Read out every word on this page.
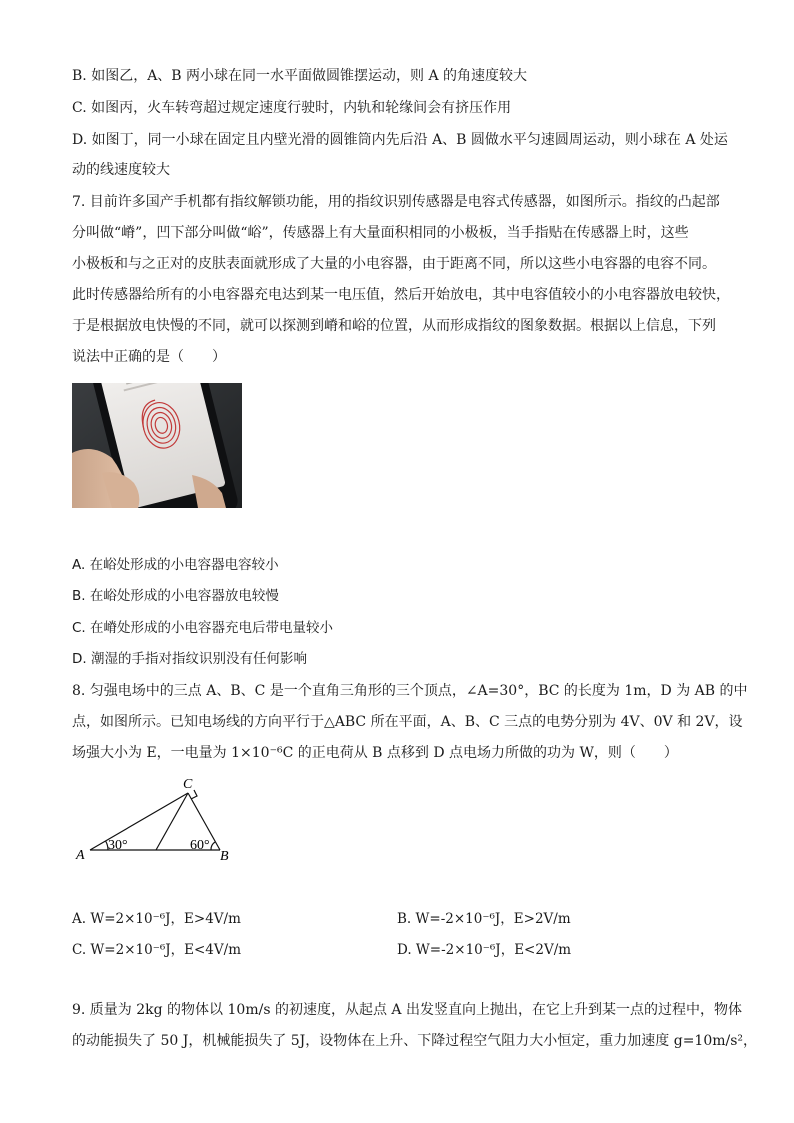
B. 如图乙，A、B 两小球在同一水平面做圆锥摆运动，则 A 的角速度较大
C. 如图丙，火车转弯超过规定速度行驶时，内轨和轮缘间会有挤压作用
D. 如图丁，同一小球在固定且内壁光滑的圆锥筒内先后沿 A、B 圆做水平匀速圆周运动，则小球在 A 处运
动的线速度较大
7. 目前许多国产手机都有指纹解锁功能，用的指纹识别传感器是电容式传感器，如图所示。指纹的凸起部
分叫做“嵴”，凹下部分叫做“峪”，传感器上有大量面积相同的小极板，当手指贴在传感器上时，这些
小极板和与之正对的皮肤表面就形成了大量的小电容器，由于距离不同，所以这些小电容器的电容不同。
此时传感器给所有的小电容器充电达到某一电压值，然后开始放电，其中电容值较小的小电容器放电较快，
于是根据放电快慢的不同，就可以探测到嵴和峪的位置，从而形成指纹的图象数据。根据以上信息，下列
说法中正确的是（　　）
A. 在峪处形成的小电容器电容较小
B. 在峪处形成的小电容器放电较慢
C. 在嵴处形成的小电容器充电后带电量较小
D. 潮湿的手指对指纹识别没有任何影响
8. 匀强电场中的三点 A、B、C 是一个直角三角形的三个顶点，∠A=30°，BC 的长度为 1m，D 为 AB 的中
点，如图所示。已知电场线的方向平行于△ABC 所在平面，A、B、C 三点的电势分别为 4V、0V 和 2V，设
场强大小为 E，一电量为 1×10⁻⁶C 的正电荷从 B 点移到 D 点电场力所做的功为 W，则（　　）
A	B
C
30°	60°
A. W=2×10⁻⁶J，E>4V/m	B. W=-2×10⁻⁶J，E>2V/m
C. W=2×10⁻⁶J，E<4V/m	D. W=-2×10⁻⁶J，E<2V/m
9. 质量为 2kg 的物体以 10m/s 的初速度，从起点 A 出发竖直向上抛出，在它上升到某一点的过程中，物体
的动能损失了 50 J，机械能损失了 5J，设物体在上升、下降过程空气阻力大小恒定，重力加速度 g=10m/s²，
